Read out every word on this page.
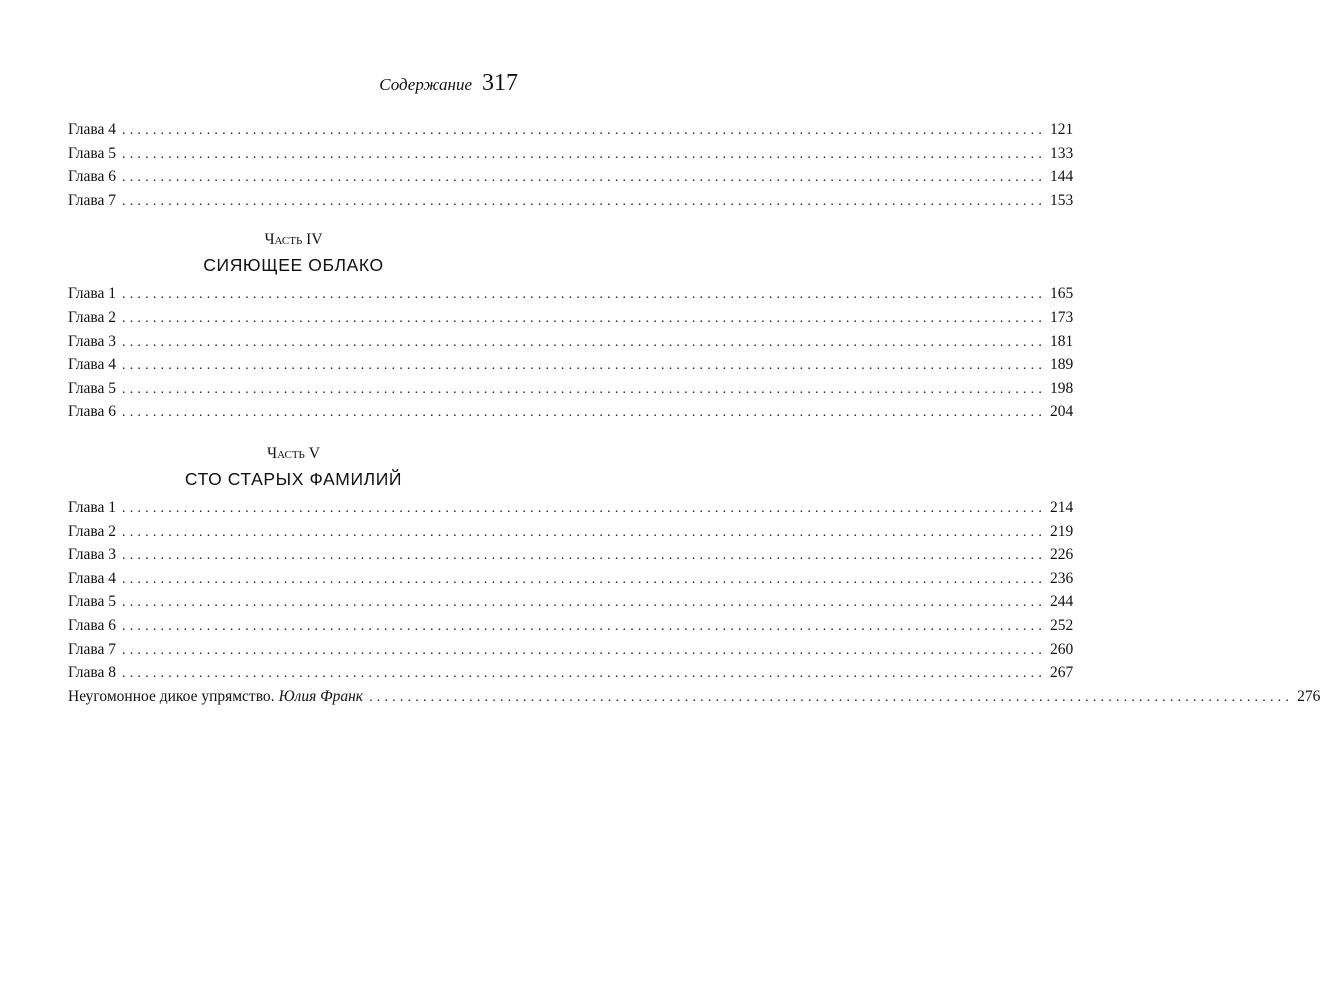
Содержание 317
Глава 4 ........................................................................................................................ 121
Глава 5 ........................................................................................................................ 133
Глава 6 ........................................................................................................................ 144
Глава 7 ........................................................................................................................ 153
Часть IV
СИЯЮЩЕЕ ОБЛАКО
Глава 1 ........................................................................................................................ 165
Глава 2 ........................................................................................................................ 173
Глава 3 ........................................................................................................................ 181
Глава 4 ........................................................................................................................ 189
Глава 5 ........................................................................................................................ 198
Глава 6 ........................................................................................................................ 204
Часть V
СТО СТАРЫХ ФАМИЛИЙ
Глава 1 ........................................................................................................................ 214
Глава 2 ........................................................................................................................ 219
Глава 3 ........................................................................................................................ 226
Глава 4 ........................................................................................................................ 236
Глава 5 ........................................................................................................................ 244
Глава 6 ........................................................................................................................ 252
Глава 7 ........................................................................................................................ 260
Глава 8 ........................................................................................................................ 267
Неугомонное дикое упрямство. Юлия Франк ........................................................................................................................ 276
